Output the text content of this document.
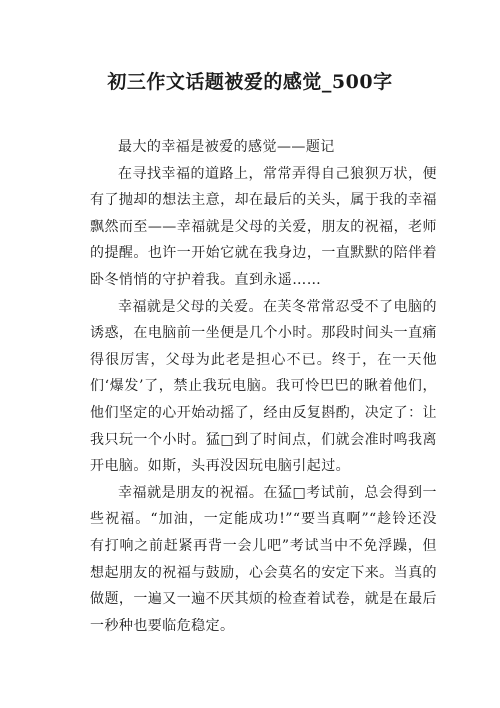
初三作文话题被爱的感觉_500字

最大的幸福是被爱的感觉——题记

在寻找幸福的道路上，常常弄得自己狼狈万状，便有了抛却的想法主意，却在最后的关头，属于我的幸福飘然而至——幸福就是父母的关爱，朋友的祝福，老师的提醒。也许一开始它就在我身边，一直默默的陪伴着卧冬悄悄的守护着我。直到永遥……

幸福就是父母的关爱。在芙冬常常忍受不了电脑的诱惑，在电脑前一坐便是几个小时。那段时间头一直痛得很厉害，父母为此老是担心不已。终于，在一天他们‘爆发’了，禁止我玩电脑。我可怜巴巴的瞅着他们，他们坚定的心开始动摇了，经由反复斟酌，决定了：让我只玩一个小时。猛□到了时间点，们就会准时鸣我离开电脑。如斯，头再没因玩电脑引起过。

幸福就是朋友的祝福。在猛□考试前，总会得到一些祝福。“加油，一定能成功!”“要当真啊”“趁铃还没有打响之前赶紧再背一会儿吧”考试当中不免浮躁，但想起朋友的祝福与鼓励，心会莫名的安定下来。当真的做题，一遍又一遍不厌其烦的检查着试卷，就是在最后一秒种也要临危稳定。
